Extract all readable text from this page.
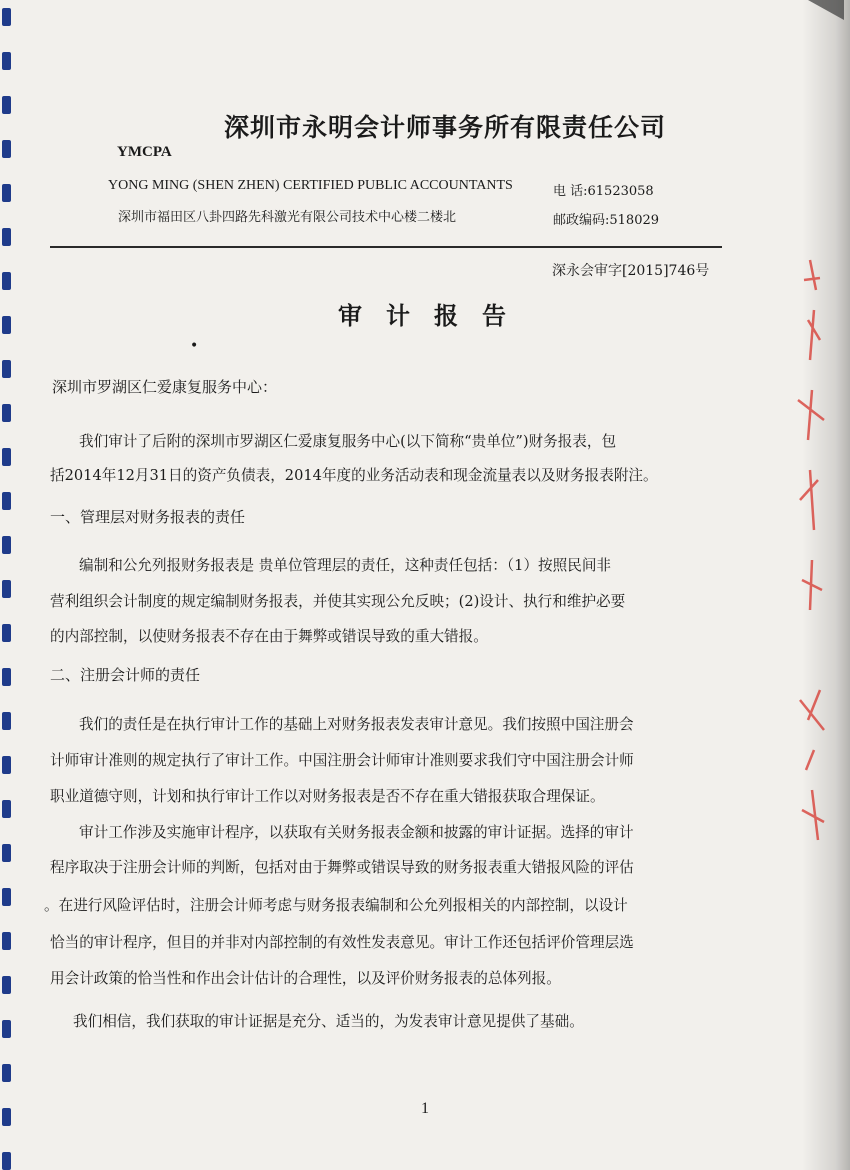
深圳市永明会计师事务所有限责任公司
YMCPA
YONG MING (SHEN ZHEN) CERTIFIED PUBLIC ACCOUNTANTS
深圳市福田区八卦四路先科激光有限公司技术中心楼二楼北
电 话:61523058
邮政编码:518029
深永会审字[2015]746号
审计报告
•
深圳市罗湖区仁爱康复服务中心：
我们审计了后附的深圳市罗湖区仁爱康复服务中心(以下简称“贵单位”)财务报表，包
括2014年12月31日的资产负债表，2014年度的业务活动表和现金流量表以及财务报表附注。
一、管理层对财务报表的责任
编制和公允列报财务报表是 贵单位管理层的责任，这种责任包括：（1）按照民间非
营利组织会计制度的规定编制财务报表，并使其实现公允反映；(2)设计、执行和维护必要
的内部控制，以使财务报表不存在由于舞弊或错误导致的重大错报。
二、注册会计师的责任
我们的责任是在执行审计工作的基础上对财务报表发表审计意见。我们按照中国注册会
计师审计准则的规定执行了审计工作。中国注册会计师审计准则要求我们守中国注册会计师
职业道德守则，计划和执行审计工作以对财务报表是否不存在重大错报获取合理保证。
审计工作涉及实施审计程序，以获取有关财务报表金额和披露的审计证据。选择的审计
程序取决于注册会计师的判断，包括对由于舞弊或错误导致的财务报表重大错报风险的评估
。在进行风险评估时，注册会计师考虑与财务报表编制和公允列报相关的内部控制，以设计
恰当的审计程序，但目的并非对内部控制的有效性发表意见。审计工作还包括评价管理层选
用会计政策的恰当性和作出会计估计的合理性，以及评价财务报表的总体列报。
我们相信，我们获取的审计证据是充分、适当的，为发表审计意见提供了基础。
1
